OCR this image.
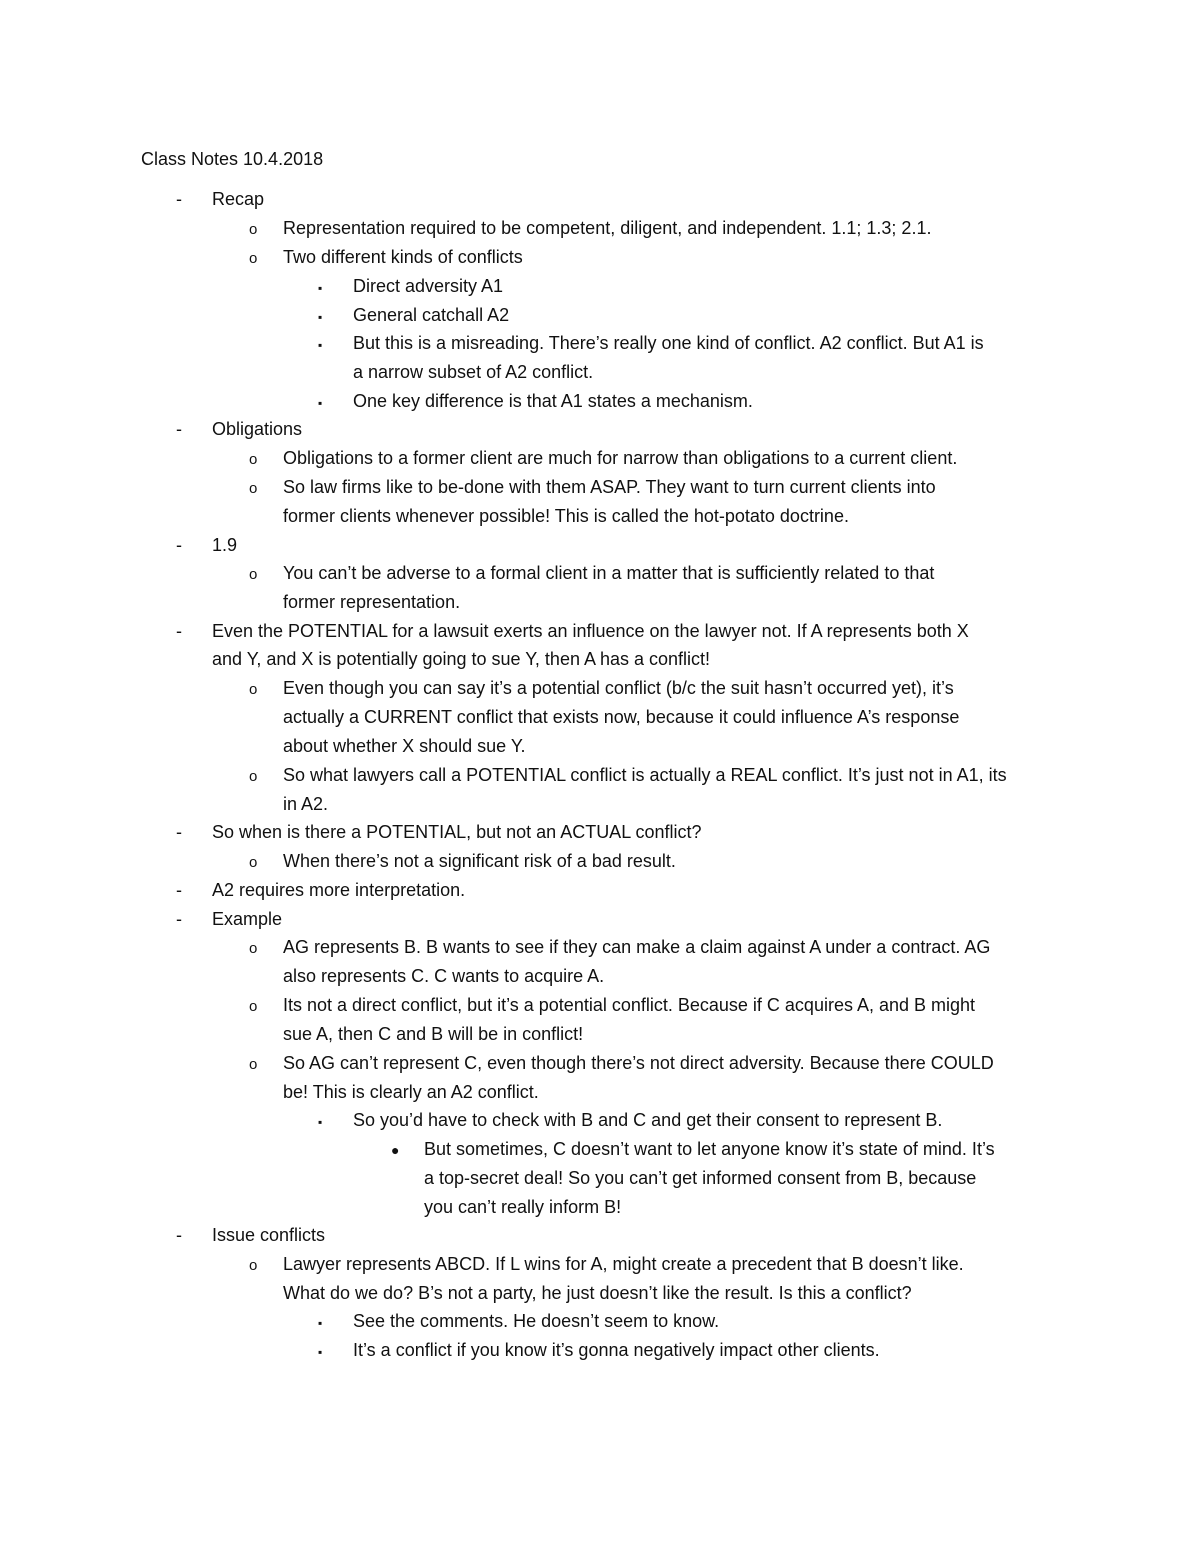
Class Notes 10.4.2018
- Recap
o Representation required to be competent, diligent, and independent. 1.1; 1.3; 2.1.
o Two different kinds of conflicts
▪ Direct adversity A1
▪ General catchall A2
▪ But this is a misreading. There’s really one kind of conflict. A2 conflict. But A1 is
a narrow subset of A2 conflict.
▪ One key difference is that A1 states a mechanism.
- Obligations
o Obligations to a former client are much for narrow than obligations to a current client.
o So law firms like to be-done with them ASAP. They want to turn current clients into
former clients whenever possible! This is called the hot-potato doctrine.
- 1.9
o You can’t be adverse to a formal client in a matter that is sufficiently related to that
former representation.
- Even the POTENTIAL for a lawsuit exerts an influence on the lawyer not. If A represents both X
and Y, and X is potentially going to sue Y, then A has a conflict!
o Even though you can say it’s a potential conflict (b/c the suit hasn’t occurred yet), it’s
actually a CURRENT conflict that exists now, because it could influence A’s response
about whether X should sue Y.
o So what lawyers call a POTENTIAL conflict is actually a REAL conflict. It’s just not in A1, its
in A2.
- So when is there a POTENTIAL, but not an ACTUAL conflict?
o When there’s not a significant risk of a bad result.
- A2 requires more interpretation.
- Example
o AG represents B. B wants to see if they can make a claim against A under a contract. AG
also represents C. C wants to acquire A.
o Its not a direct conflict, but it’s a potential conflict. Because if C acquires A, and B might
sue A, then C and B will be in conflict!
o So AG can’t represent C, even though there’s not direct adversity. Because there COULD
be! This is clearly an A2 conflict.
▪ So you’d have to check with B and C and get their consent to represent B.
● But sometimes, C doesn’t want to let anyone know it’s state of mind. It’s
a top-secret deal! So you can’t get informed consent from B, because
you can’t really inform B!
- Issue conflicts
o Lawyer represents ABCD. If L wins for A, might create a precedent that B doesn’t like.
What do we do? B’s not a party, he just doesn’t like the result. Is this a conflict?
▪ See the comments. He doesn’t seem to know.
▪ It’s a conflict if you know it’s gonna negatively impact other clients.
